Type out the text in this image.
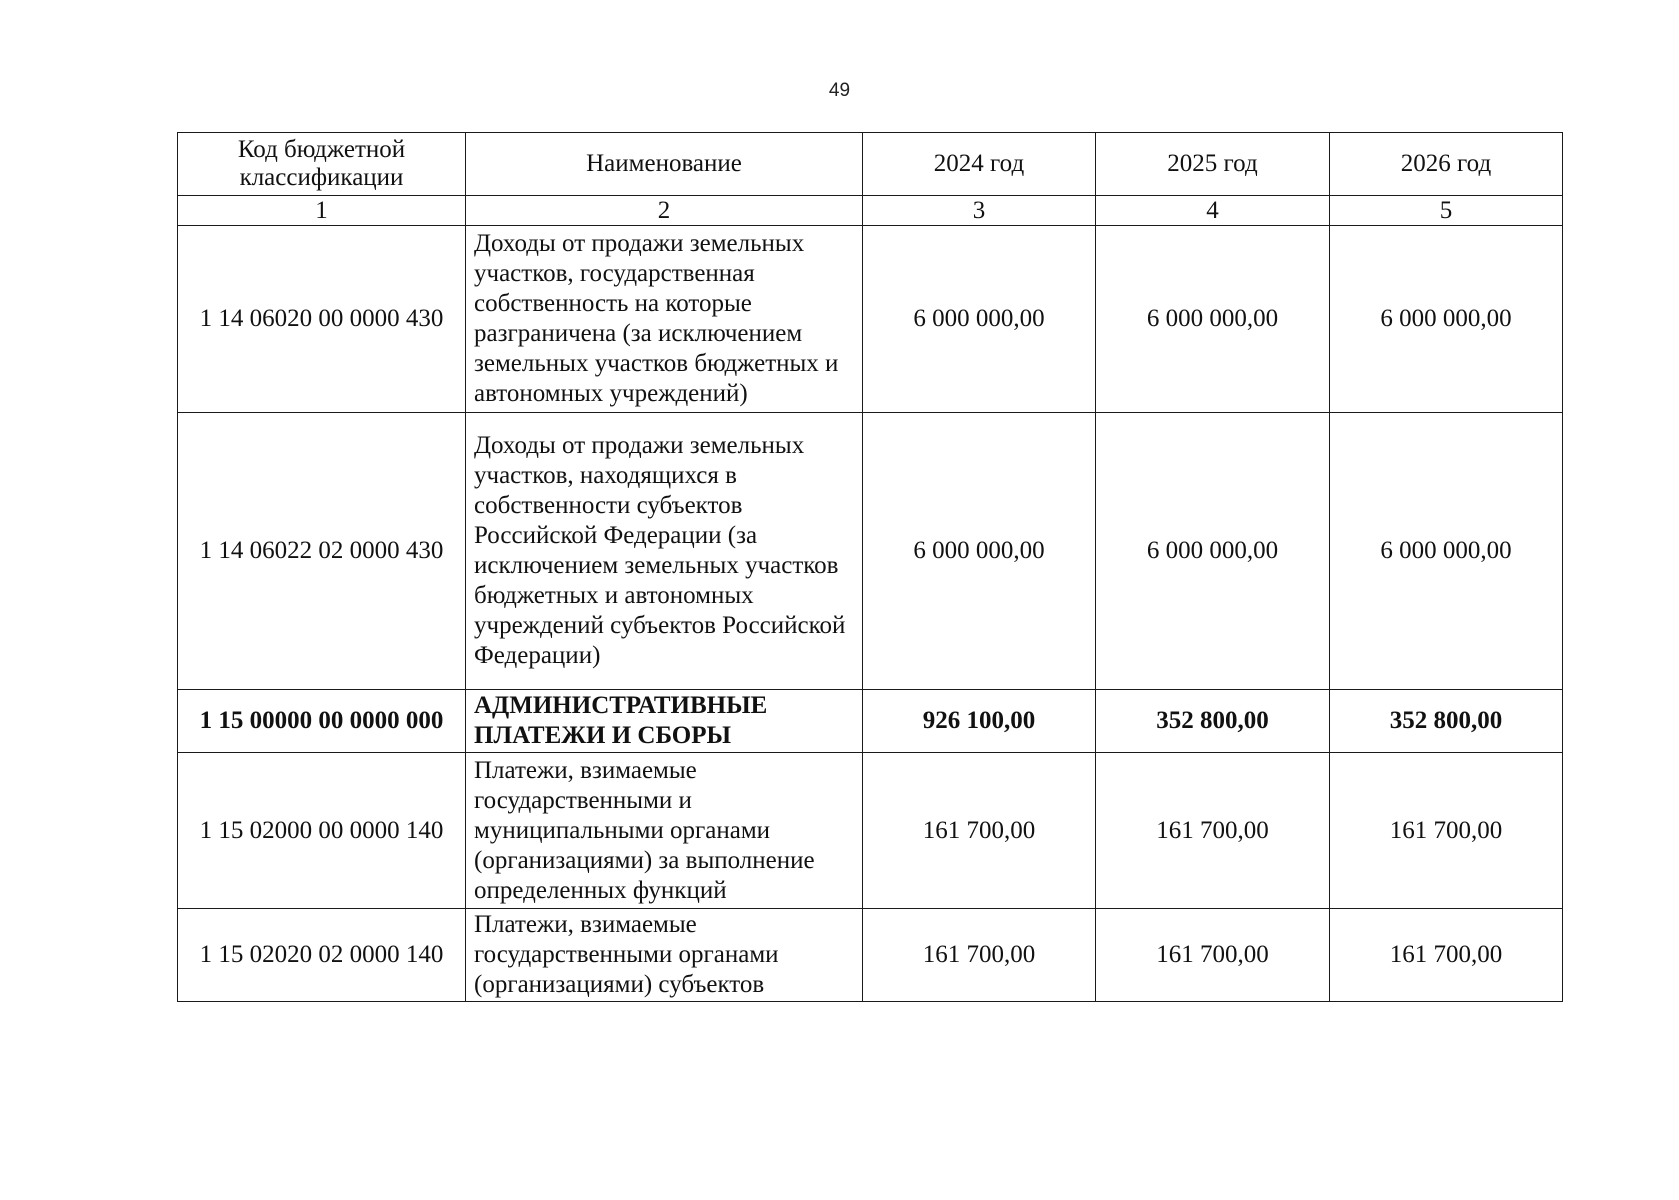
49
Код бюджетной классификации	Наименование	2024 год	2025 год	2026 год
1	2	3	4	5
1 14 06020 00 0000 430	Доходы от продажи земельных участков, государственная собственность на которые разграничена (за исключением земельных участков бюджетных и автономных учреждений)	6 000 000,00	6 000 000,00	6 000 000,00
1 14 06022 02 0000 430	Доходы от продажи земельных участков, находящихся в собственности субъектов Российской Федерации (за исключением земельных участков бюджетных и автономных учреждений субъектов Российской Федерации)	6 000 000,00	6 000 000,00	6 000 000,00
1 15 00000 00 0000 000	АДМИНИСТРАТИВНЫЕ ПЛАТЕЖИ И СБОРЫ	926 100,00	352 800,00	352 800,00
1 15 02000 00 0000 140	Платежи, взимаемые государственными и муниципальными органами (организациями) за выполнение определенных функций	161 700,00	161 700,00	161 700,00
1 15 02020 02 0000 140	Платежи, взимаемые государственными органами (организациями) субъектов	161 700,00	161 700,00	161 700,00
